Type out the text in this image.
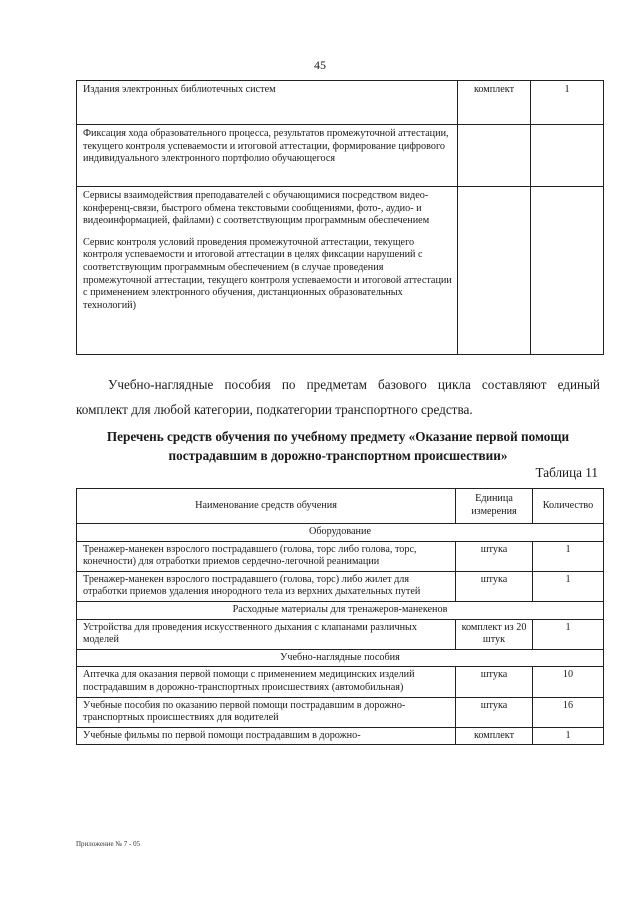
45
Издания электронных библиотечных систем	комплект	1

Фиксация хода образовательного процесса, результатов промежуточной аттестации, текущего контроля успеваемости и итоговой аттестации, формирование цифрового индивидуального электронного портфолио обучающегося		

Сервисы взаимодействия преподавателей с обучающимися посредством видео-конференц-связи, быстрого обмена текстовыми сообщениями, фото-, аудио- и видеоинформацией, файлами) с соответствующим программным обеспечением
Сервис контроля условий проведения промежуточной аттестации, текущего контроля успеваемости и итоговой аттестации в целях фиксации нарушений с соответствующим программным обеспечением (в случае проведения промежуточной аттестации, текущего контроля успеваемости и итоговой аттестации с применением электронного обучения, дистанционных образовательных технологий)		

Учебно-наглядные пособия по предметам базового цикла составляют единый комплект для любой категории, подкатегории транспортного средства.
Перечень средств обучения по учебному предмету «Оказание первой помощи пострадавшим в дорожно-транспортном происшествии»
Таблица 11
Наименование средств обучения	Единица измерения	Количество
Оборудование		

Тренажер-манекен взрослого пострадавшего (голова, торс либо голова, торс, конечности) для отработки приемов сердечно-легочной реанимации	штука	1

Тренажер-манекен взрослого пострадавшего (голова, торс) либо жилет для отработки приемов удаления инородного тела из верхних дыхательных путей	штука	1
Расходные материалы для тренажеров-манекенов		

Устройства для проведения искусственного дыхания с клапанами различных моделей	комплект из 20 штук	1
Учебно-наглядные пособия		

Аптечка для оказания первой помощи с применением медицинских изделий пострадавшим в дорожно-транспортных происшествиях (автомобильная)	штука	10

Учебные пособия по оказанию первой помощи пострадавшим в дорожно-транспортных происшествиях для водителей	штука	16

Учебные фильмы по первой помощи пострадавшим в дорожно-	комплект	1
Приложение № 7 - 05
